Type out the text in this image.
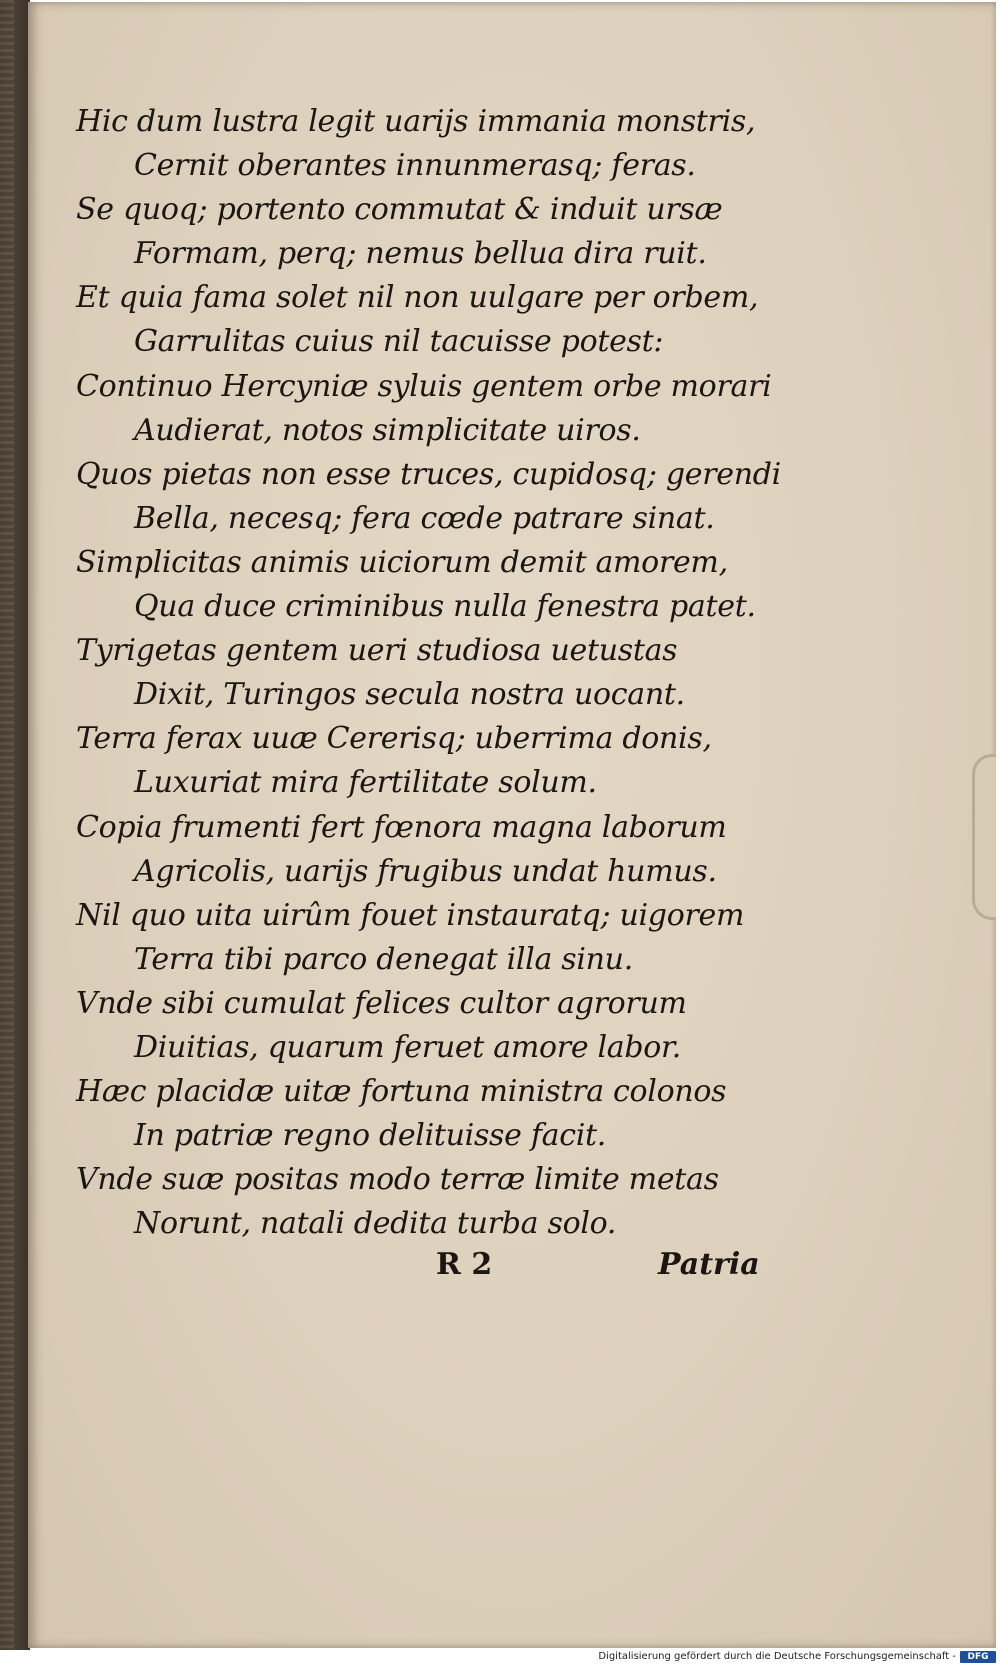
Hic dum lustra legit uarijs immania monstris,
Cernit oberantes innunmerasq; feras.
Se quoq; portento commutat & induit ursæ
Formam, perq; nemus bellua dira ruit.
Et quia fama solet nil non uulgare per orbem,
Garrulitas cuius nil tacuisse potest:
Continuo Hercyniæ syluis gentem orbe morari
Audierat, notos simplicitate uiros.
Quos pietas non esse truces, cupidosq; gerendi
Bella, necesq; fera cœde patrare sinat.
Simplicitas animis uiciorum demit amorem,
Qua duce criminibus nulla fenestra patet.
Tyrigetas gentem ueri studiosa uetustas
Dixit, Turingos secula nostra uocant.
Terra ferax uuæ Cererisq; uberrima donis,
Luxuriat mira fertilitate solum.
Copia frumenti fert fœnora magna laborum
Agricolis, uarijs frugibus undat humus.
Nil quo uita uirûm fouet instauratq; uigorem
Terra tibi parco denegat illa sinu.
Vnde sibi cumulat felices cultor agrorum
Diuitias, quarum feruet amore labor.
Hæc placidæ uitæ fortuna ministra colonos
In patriæ regno delituisse facit.
Vnde suæ positas modo terræ limite metas
Norunt, natali dedita turba solo.
R 2	Patria
Digitalisierung gefördert durch die Deutsche Forschungsgemeinschaft -	DFG
